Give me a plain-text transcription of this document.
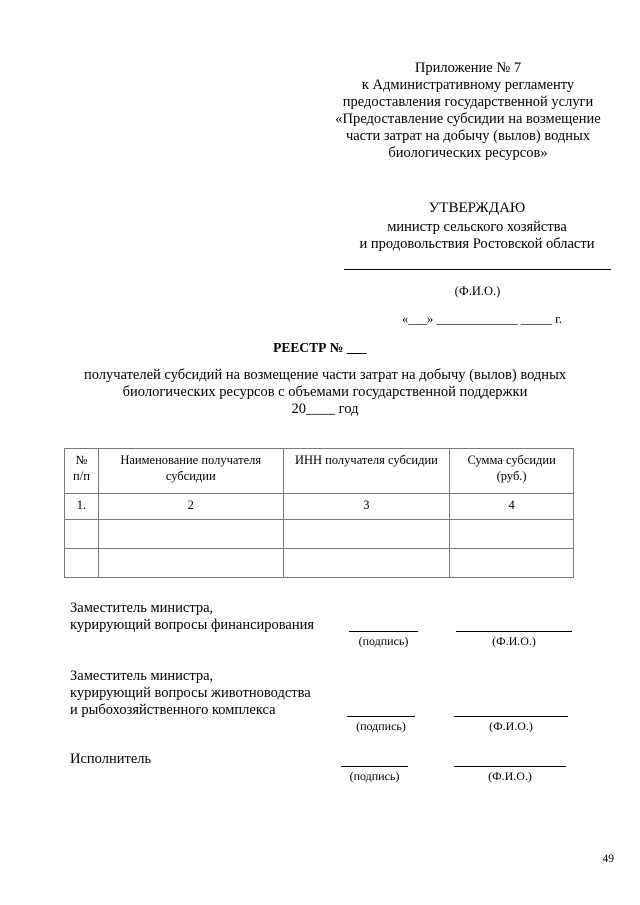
Приложение № 7
к Административному регламенту
предоставления государственной услуги
«Предоставление субсидии на возмещение
части затрат на добычу (вылов) водных
биологических ресурсов»
УТВЕРЖДАЮ
министр сельского хозяйства
и продовольствия Ростовской области
(Ф.И.О.)
«___» _____________ _____ г.
РЕЕСТР № ___
получателей субсидий на возмещение части затрат на добычу (вылов) водных
биологических ресурсов с объемами государственной поддержки
20____ год
№ п/п	Наименование получателя субсидии	ИНН получателя субсидии	Сумма субсидии (руб.)
1.	2	3	4

Заместитель министра,
курирующий вопросы финансирования
(подпись)	(Ф.И.О.)
Заместитель министра,
курирующий вопросы животноводства
и рыбохозяйственного комплекса
(подпись)	(Ф.И.О.)
Исполнитель
(подпись)	(Ф.И.О.)
49
